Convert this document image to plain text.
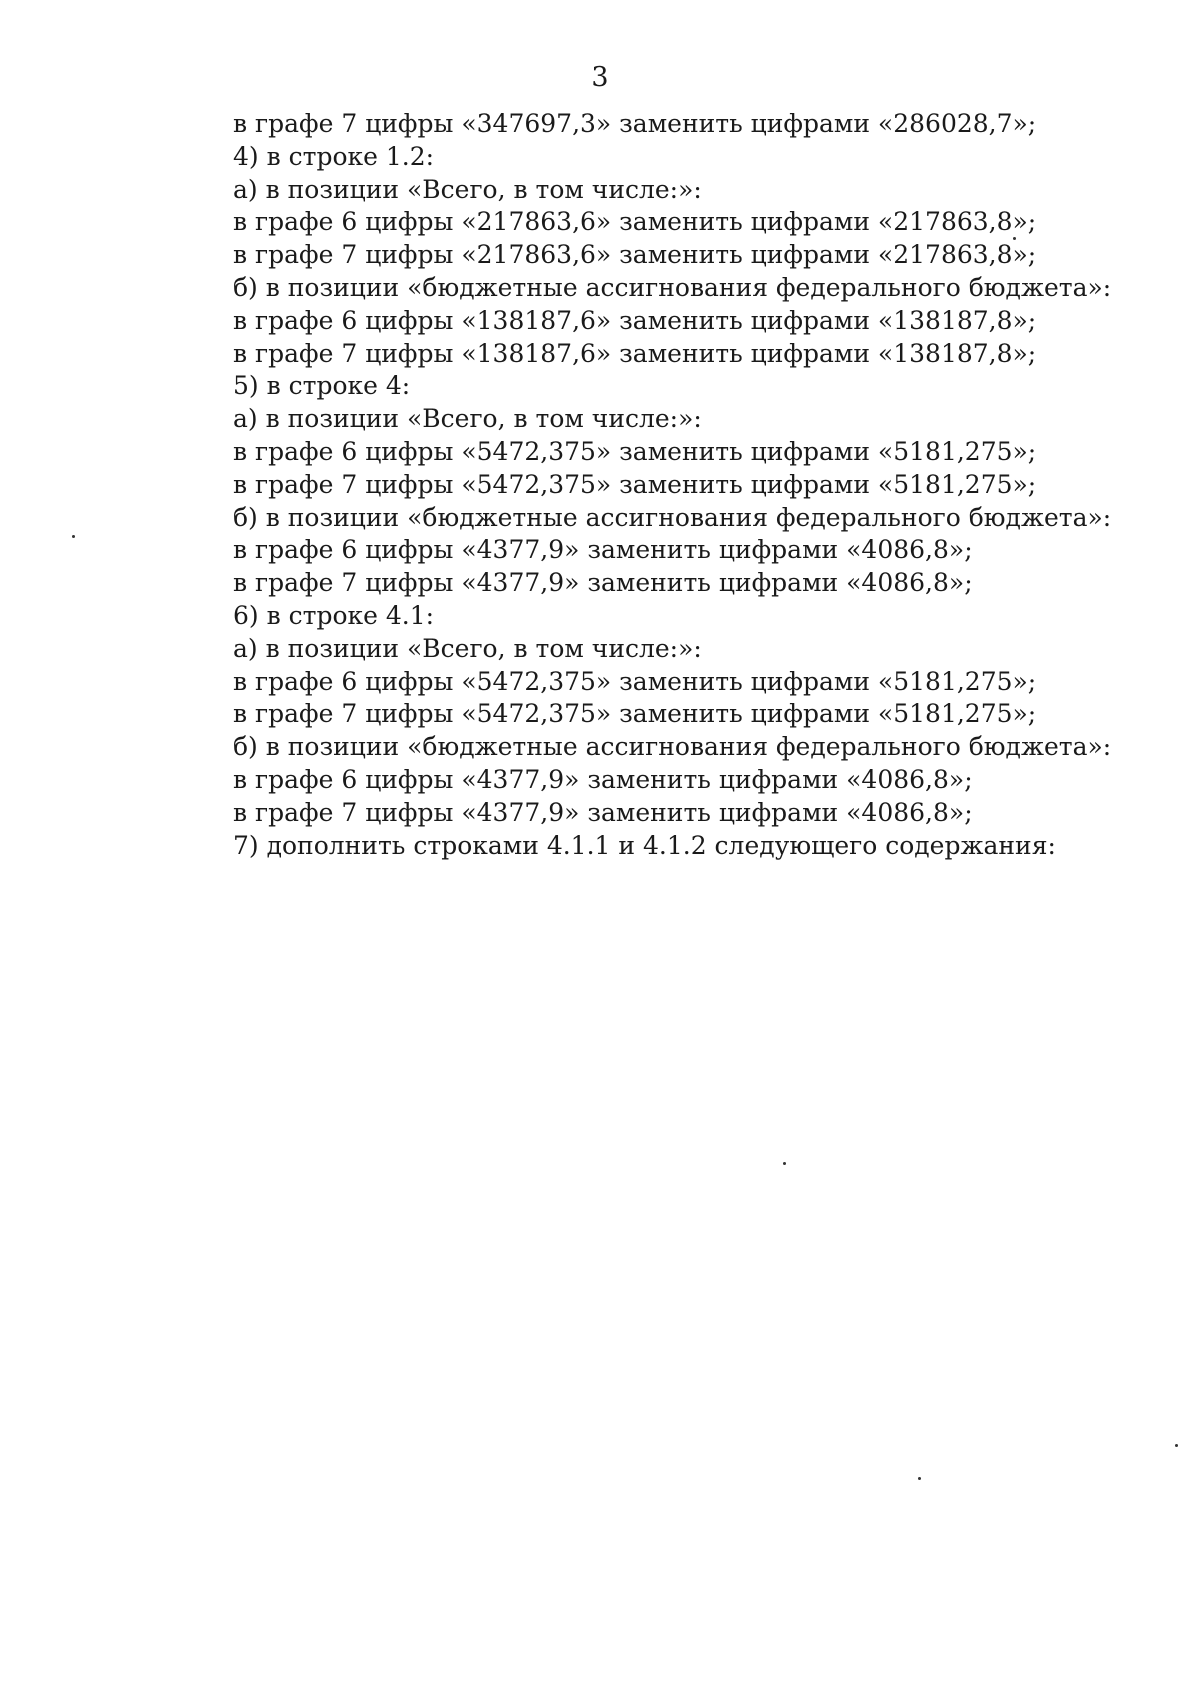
3
в графе 7 цифры «347697,3» заменить цифрами «286028,7»;
4) в строке 1.2:
а) в позиции «Всего, в том числе:»:
в графе 6 цифры «217863,6» заменить цифрами «217863,8»;
в графе 7 цифры «217863,6» заменить цифрами «217863,8»;
б) в позиции «бюджетные ассигнования федерального бюджета»:
в графе 6 цифры «138187,6» заменить цифрами «138187,8»;
в графе 7 цифры «138187,6» заменить цифрами «138187,8»;
5) в строке 4:
а) в позиции «Всего, в том числе:»:
в графе 6 цифры «5472,375» заменить цифрами «5181,275»;
в графе 7 цифры «5472,375» заменить цифрами «5181,275»;
б) в позиции «бюджетные ассигнования федерального бюджета»:
в графе 6 цифры «4377,9» заменить цифрами «4086,8»;
в графе 7 цифры «4377,9» заменить цифрами «4086,8»;
6) в строке 4.1:
а) в позиции «Всего, в том числе:»:
в графе 6 цифры «5472,375» заменить цифрами «5181,275»;
в графе 7 цифры «5472,375» заменить цифрами «5181,275»;
б) в позиции «бюджетные ассигнования федерального бюджета»:
в графе 6 цифры «4377,9» заменить цифрами «4086,8»;
в графе 7 цифры «4377,9» заменить цифрами «4086,8»;
7) дополнить строками 4.1.1 и 4.1.2 следующего содержания:
